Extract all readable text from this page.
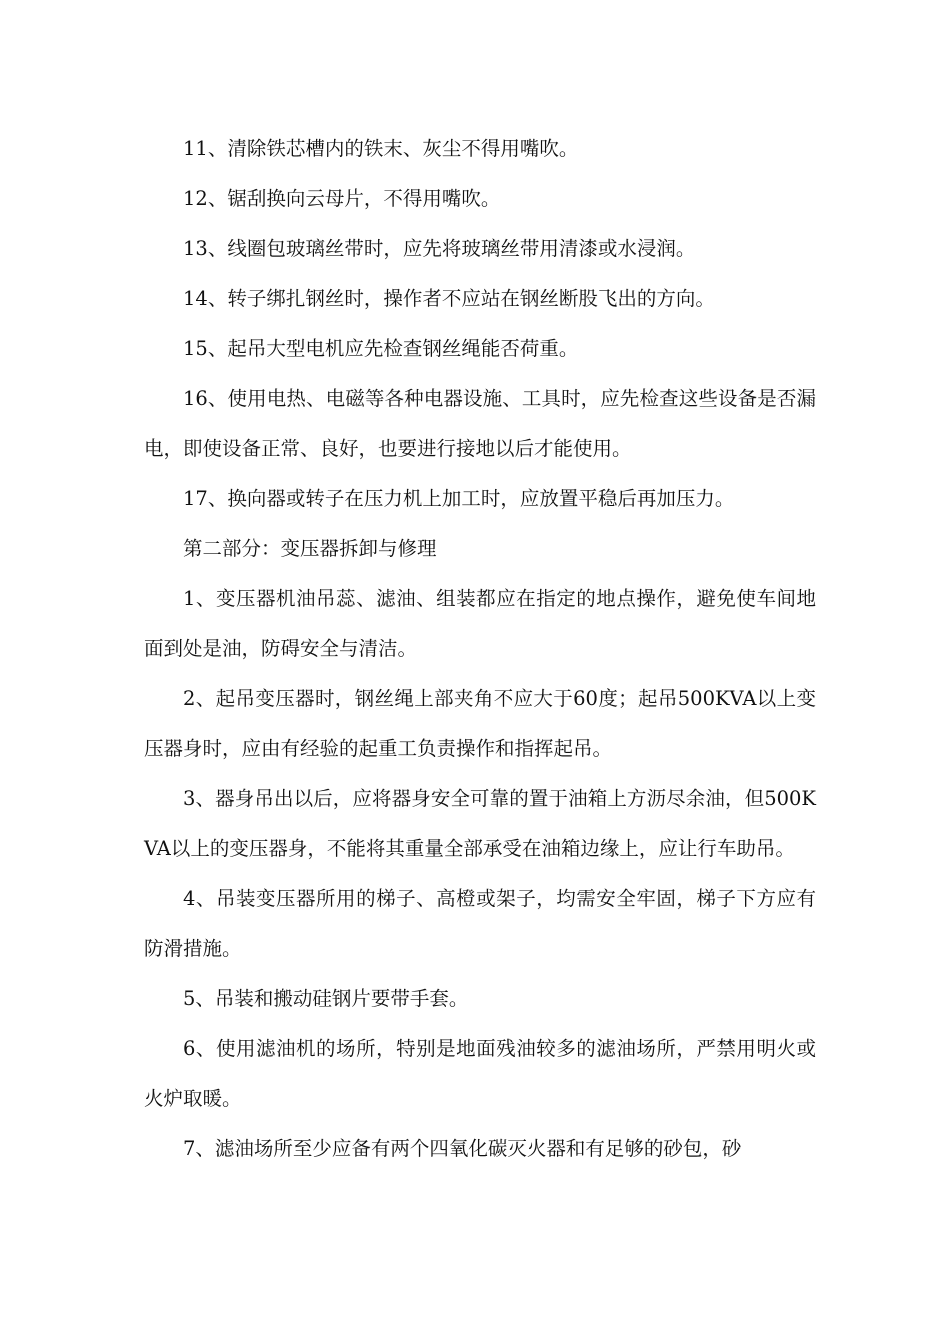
11、清除铁芯槽内的铁末、灰尘不得用嘴吹。

12、锯刮换向云母片，不得用嘴吹。

13、线圈包玻璃丝带时，应先将玻璃丝带用清漆或水浸润。

14、转子绑扎钢丝时，操作者不应站在钢丝断股飞出的方向。

15、起吊大型电机应先检查钢丝绳能否荷重。

16、使用电热、电磁等各种电器设施、工具时，应先检查这些设备是否漏电，即使设备正常、良好，也要进行接地以后才能使用。

17、换向器或转子在压力机上加工时，应放置平稳后再加压力。

第二部分：变压器拆卸与修理

1、变压器机油吊蕊、滤油、组装都应在指定的地点操作，避免使车间地面到处是油，防碍安全与清洁。

2、起吊变压器时，钢丝绳上部夹角不应大于60度；起吊500KVA以上变压器身时，应由有经验的起重工负责操作和指挥起吊。

3、器身吊出以后，应将器身安全可靠的置于油箱上方沥尽余油，但500KVA以上的变压器身，不能将其重量全部承受在油箱边缘上，应让行车助吊。

4、吊装变压器所用的梯子、高橙或架子，均需安全牢固，梯子下方应有防滑措施。

5、吊装和搬动硅钢片要带手套。

6、使用滤油机的场所，特别是地面残油较多的滤油场所，严禁用明火或火炉取暖。

7、滤油场所至少应备有两个四氧化碳灭火器和有足够的砂包，砂
